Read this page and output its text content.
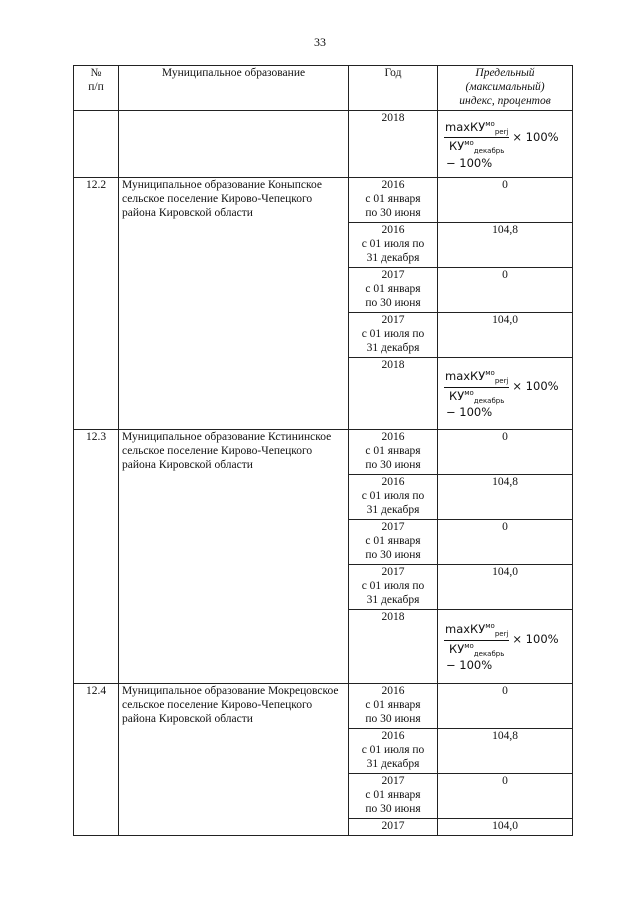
33
№
п/п	Муниципальное образование	Год	Предельный
(максимальный)
индекс, процентов
		2018	$\frac{\max КУ^{мо}_{perj}}{КУ^{мо}_{декабрь}} \times 100\%$
− 100%

12.2	Муниципальное образование Коныпское сельское поселение Кирово-Чепецкого района Кировской области	2016
с 01 января
по 30 июня	0
		2016
с 01 июля по
31 декабря	104,8
		2017
с 01 января
по 30 июня	0
		2017
с 01 июля по
31 декабря	104,0
		2018	$\frac{\max КУ^{мо}_{perj}}{КУ^{мо}_{декабрь}} \times 100\%$
− 100%

12.3	Муниципальное образование Кстининское сельское поселение Кирово-Чепецкого района Кировской области	2016
с 01 января
по 30 июня	0
		2016
с 01 июля по
31 декабря	104,8
		2017
с 01 января
по 30 июня	0
		2017
с 01 июля по
31 декабря	104,0
		2018	$\frac{\max КУ^{мо}_{perj}}{КУ^{мо}_{декабрь}} \times 100\%$
− 100%

12.4	Муниципальное образование Мокрецовское сельское поселение Кирово-Чепецкого района Кировской области	2016
с 01 января
по 30 июня	0
		2016
с 01 июля по
31 декабря	104,8
		2017
с 01 января
по 30 июня	0
		2017	104,0
